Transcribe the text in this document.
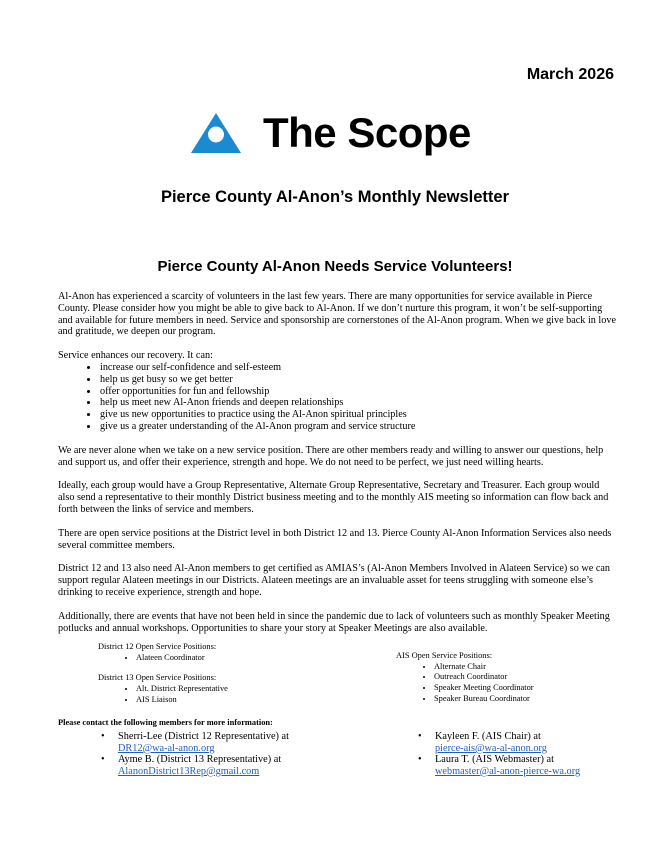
March 2026
The Scope
Pierce County Al-Anon’s Monthly Newsletter
Pierce County Al-Anon Needs Service Volunteers!

Al-Anon has experienced a scarcity of volunteers in the last few years. There are many opportunities for service available in Pierce County. Please consider how you might be able to give back to Al-Anon. If we don’t nurture this program, it won’t be self-supporting and available for future members in need. Service and sponsorship are cornerstones of the Al-Anon program. When we give back in love and gratitude, we deepen our program.

Service enhances our recovery. It can:

• increase our self-confidence and self-esteem
• help us get busy so we get better
• offer opportunities for fun and fellowship
• help us meet new Al-Anon friends and deepen relationships
• give us new opportunities to practice using the Al-Anon spiritual principles
• give us a greater understanding of the Al-Anon program and service structure

We are never alone when we take on a new service position. There are other members ready and willing to answer our questions, help and support us, and offer their experience, strength and hope. We do not need to be perfect, we just need willing hearts.

Ideally, each group would have a Group Representative, Alternate Group Representative, Secretary and Treasurer. Each group would also send a representative to their monthly District business meeting and to the monthly AIS meeting so information can flow back and forth between the links of service and members.

There are open service positions at the District level in both District 12 and 13. Pierce County Al-Anon Information Services also needs several committee members.

District 12 and 13 also need Al-Anon members to get certified as AMIAS’s (Al-Anon Members Involved in Alateen Service) so we can support regular Alateen meetings in our Districts. Alateen meetings are an invaluable asset for teens struggling with someone else’s drinking to receive experience, strength and hope.

Additionally, there are events that have not been held in since the pandemic due to lack of volunteers such as monthly Speaker Meeting potlucks and annual workshops. Opportunities to share your story at Speaker Meetings are also available.

District 12 Open Service Positions:

• Alateen Coordinator

District 13 Open Service Positions:

• Alt. District Representative
• AIS Liaison

AIS Open Service Positions:

• Alternate Chair
• Outreach Coordinator
• Speaker Meeting Coordinator
• Speaker Bureau Coordinator
Please contact the following members for more information:
• Sherri-Lee (District 12 Representative) at
DR12@wa-al-anon.org
• Ayme B. (District 13 Representative) at
AlanonDistrict13Rep@gmail.com
• Kayleen F. (AIS Chair) at
pierce-ais@wa-al-anon.org
• Laura T. (AIS Webmaster) at
webmaster@al-anon-pierce-wa.org
